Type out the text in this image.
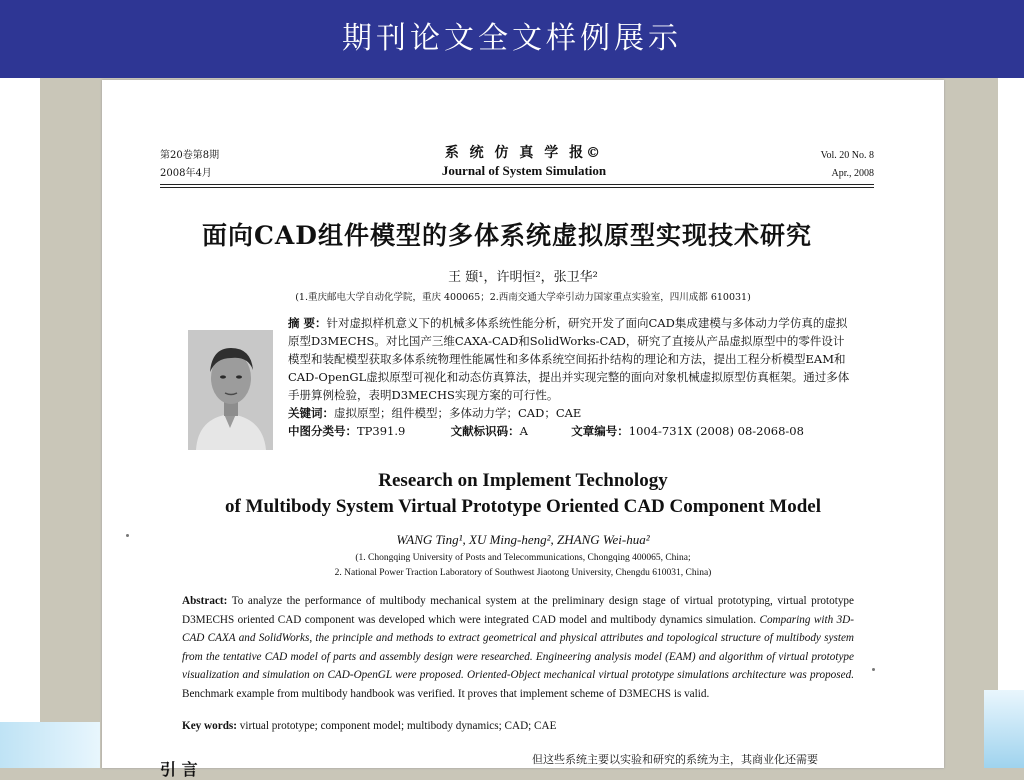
期刊论文全文样例展示
第20卷第8期
2008年4月
系 统 仿 真 学 报©
Journal of System Simulation
Vol. 20 No. 8
Apr., 2008
面向CAD组件模型的多体系统虚拟原型实现技术研究
王 颋¹，许明恒²，张卫华²
(1.重庆邮电大学自动化学院，重庆 400065；2.西南交通大学牵引动力国家重点实验室，四川成都 610031)
摘 要：针对虚拟样机意义下的机械多体系统性能分析，研究开发了面向CAD集成建模与多体动力学仿真的虚拟原型D3MECHS。对比国产三维CAXA-CAD和SolidWorks-CAD，研究了直接从产品虚拟原型中的零件设计模型和装配模型获取多体系统物理性能属性和多体系统空间拓扑结构的理论和方法，提出工程分析模型EAM和CAD-OpenGL虚拟原型可视化和动态仿真算法，提出并实现完整的面向对象机械虚拟原型仿真框架。通过多体手册算例检验，表明D3MECHS实现方案的可行性。
关键词：虚拟原型；组件模型；多体动力学；CAD；CAE
中图分类号：TP391.9	文献标识码：A	文章编号：1004-731X (2008) 08-2068-08
Research on Implement Technology
of Multibody System Virtual Prototype Oriented CAD Component Model
WANG Ting¹, XU Ming-heng², ZHANG Wei-hua²
(1. Chongqing University of Posts and Telecommunications, Chongqing 400065, China;
2. National Power Traction Laboratory of Southwest Jiaotong University, Chengdu 610031, China)
Abstract: To analyze the performance of multibody mechanical system at the preliminary design stage of virtual prototyping, virtual prototype D3MECHS oriented CAD component was developed which were integrated CAD model and multibody dynamics simulation. Comparing with 3D-CAD CAXA and SolidWorks, the principle and methods to extract geometrical and physical attributes and topological structure of multibody system from the tentative CAD model of parts and assembly design were researched. Engineering analysis model (EAM) and algorithm of virtual prototype visualization and simulation on CAD-OpenGL were proposed. Oriented-Object mechanical virtual prototype simulations architecture was proposed. Benchmark example from multibody handbook was verified. It proves that implement scheme of D3MECHS is valid.
Key words: virtual prototype; component model; multibody dynamics; CAD; CAE
引 言
但这些系统主要以实验和研究的系统为主，其商业化还需要
